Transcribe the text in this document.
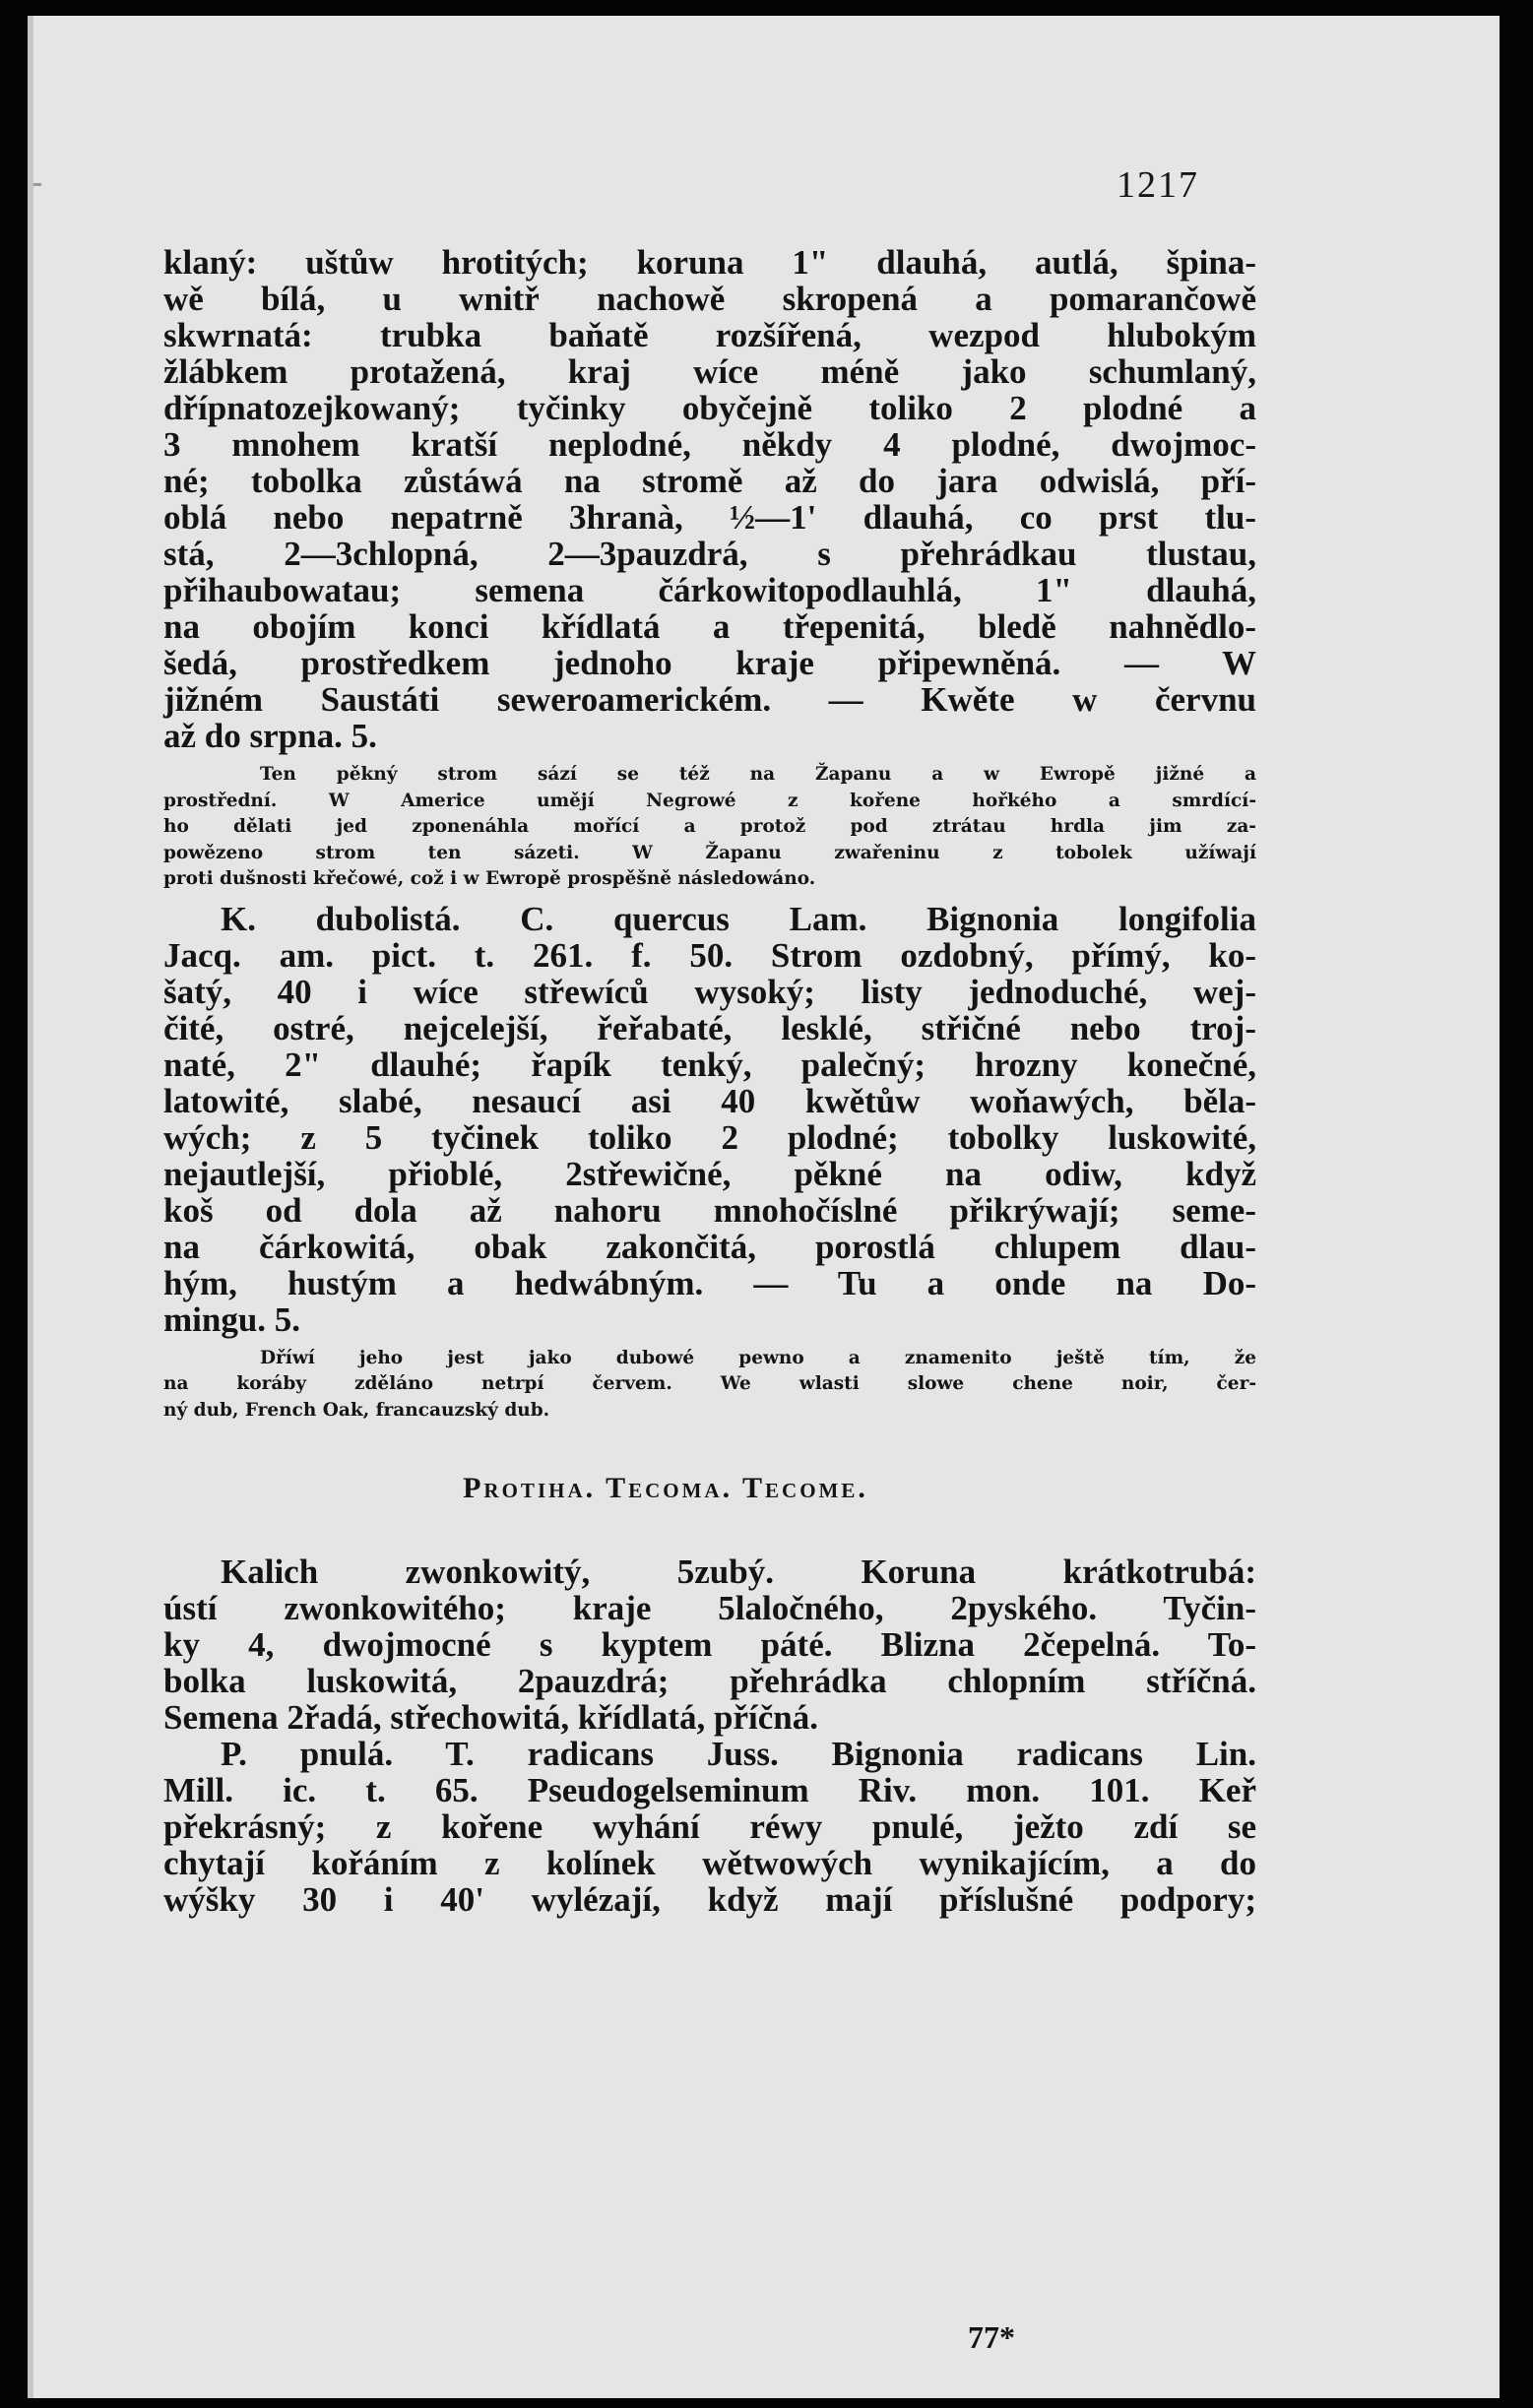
1217
klaný: uštůw hrotitých; koruna 1" dlauhá, autlá, špina-
wě bílá, u wnitř nachowě skropená a pomarančowě
skwrnatá: trubka baňatě rozšířená, wezpod hlubokým
žlábkem protažená, kraj wíce méně jako schumlaný,
dřípnatozejkowaný; tyčinky obyčejně toliko 2 plodné a
3 mnohem kratší neplodné, někdy 4 plodné, dwojmoc-
né; tobolka zůstáwá na stromě až do jara odwislá, pří-
oblá nebo nepatrně 3hranà, ½—1' dlauhá, co prst tlu-
stá, 2—3chlopná, 2—3pauzdrá, s přehrádkau tlustau,
přihaubowatau; semena čárkowitopodlauhlá, 1" dlauhá,
na obojím konci křídlatá a třepenitá, bledě nahnědlo-
šedá, prostředkem jednoho kraje připewněná. — W
jižném Saustáti seweroamerickém. — Kwěte w červnu
až do srpna. 5.
Ten pěkný strom sází se též na Žapanu a w Ewropě jižné a
prostřední. W Americe umějí Negrowé z kořene hořkého a smrdící-
ho dělati jed zponenáhla mořící a protož pod ztrátau hrdla jim za-
powězeno strom ten sázeti. W Žapanu zwařeninu z tobolek užíwají
proti dušnosti křečowé, což i w Ewropě prospěšně následowáno.
K. dubolistá. C. quercus Lam. Bignonia longifolia
Jacq. am. pict. t. 261. f. 50. Strom ozdobný, přímý, ko-
šatý, 40 i wíce střewíců wysoký; listy jednoduché, wej-
čité, ostré, nejcelejší, řeřabaté, lesklé, střičné nebo troj-
naté, 2" dlauhé; řapík tenký, palečný; hrozny konečné,
latowité, slabé, nesaucí asi 40 kwětůw woňawých, běla-
wých; z 5 tyčinek toliko 2 plodné; tobolky luskowité,
nejautlejší, přioblé, 2střewičné, pěkné na odiw, když
koš od dola až nahoru mnohočíslné přikrýwají; seme-
na čárkowitá, obak zakončitá, porostlá chlupem dlau-
hým, hustým a hedwábným. — Tu a onde na Do-
mingu. 5.
Dříwí jeho jest jako dubowé pewno a znamenito ještě tím, že
na koráby zděláno netrpí červem. We wlasti slowe chene noir, čer-
ný dub, French Oak, francauzský dub.
Protiha. Tecoma. Tecome.
Kalich zwonkowitý, 5zubý. Koruna krátkotrubá:
ústí zwonkowitého; kraje 5laločného, 2pyského. Tyčin-
ky 4, dwojmocné s kyptem páté. Blizna 2čepelná. To-
bolka luskowitá, 2pauzdrá; přehrádka chlopním stříčná.
Semena 2řadá, střechowitá, křídlatá, příčná.
P. pnulá. T. radicans Juss. Bignonia radicans Lin.
Mill. ic. t. 65. Pseudogelseminum Riv. mon. 101. Keř
překrásný; z kořene wyhání réwy pnulé, ježto zdí se
chytají kořáním z kolínek wětwowých wynikajícím, a do
wýšky 30 i 40' wylézají, když mají příslušné podpory;
77*
